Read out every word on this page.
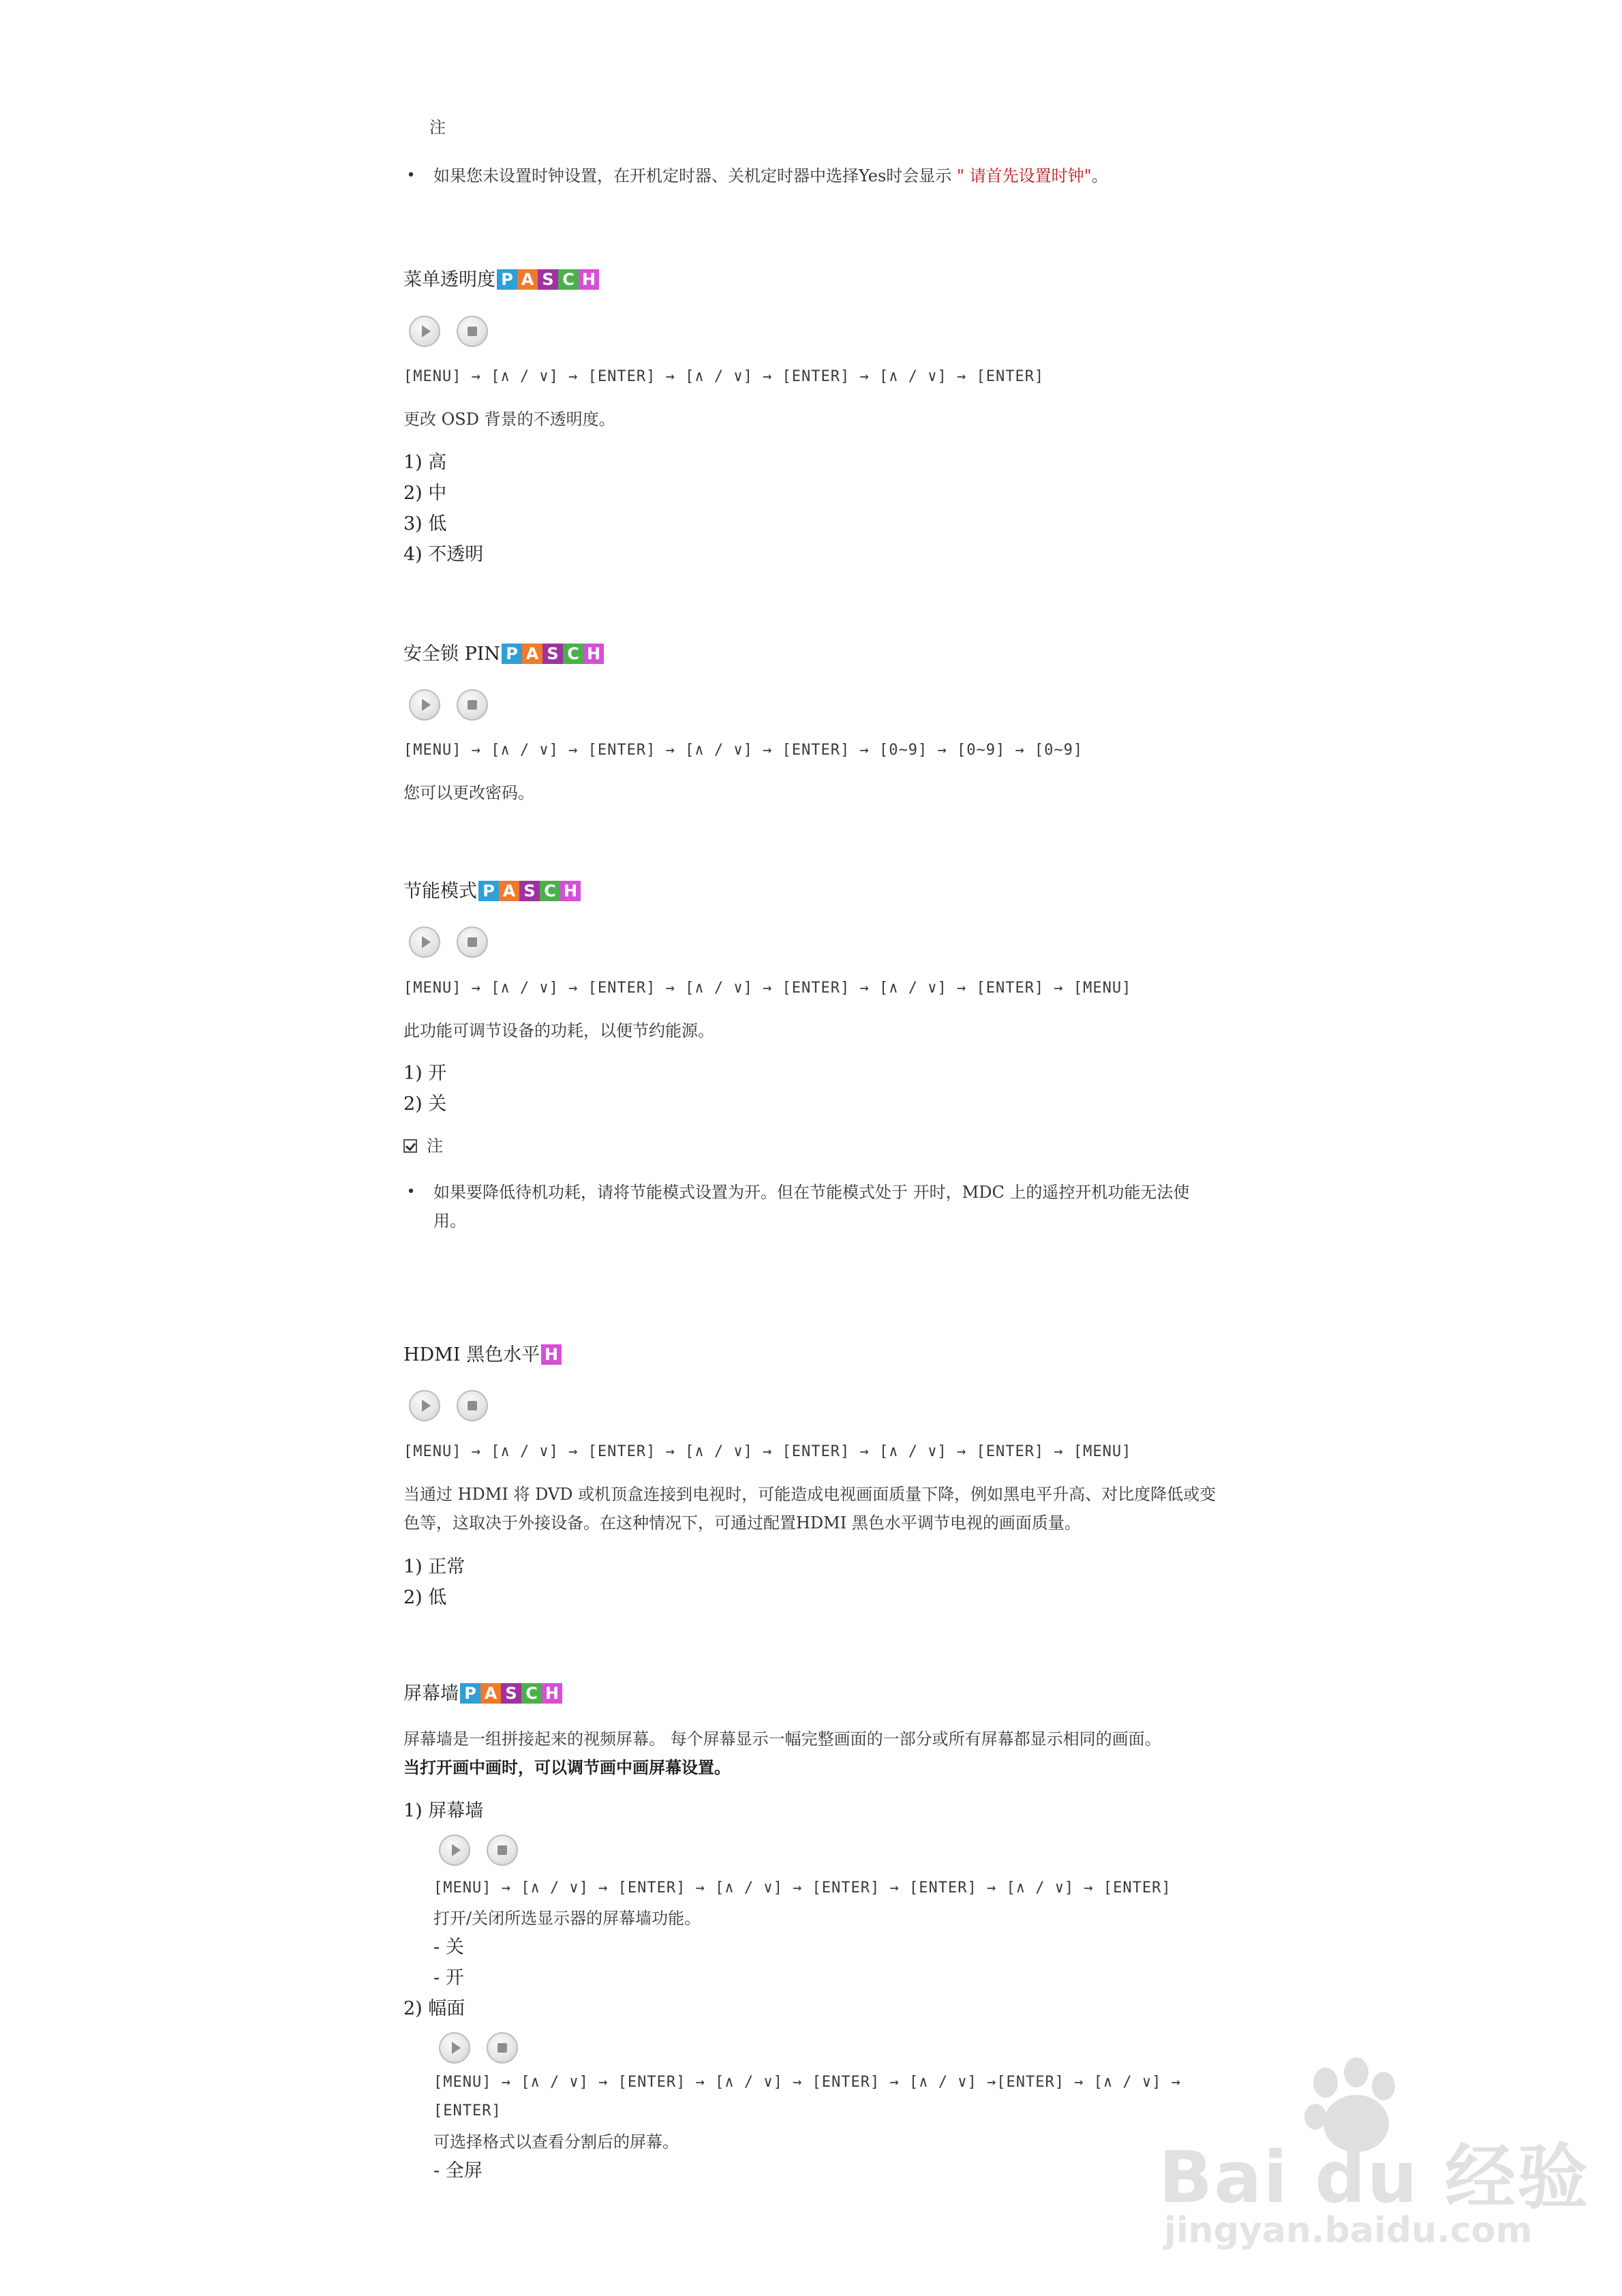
注
• 如果您未设置时钟设置，在开机定时器、关机定时器中选择Yes时会显示 " 请首先设置时钟"。
菜单透明度 P A S C H
[MENU] → [∧ / ∨] → [ENTER] → [∧ / ∨] → [ENTER] → [∧ / ∨] → [ENTER]
更改 OSD 背景的不透明度。
1) 高
2) 中
3) 低
4) 不透明
安全锁 PIN P A S C H
[MENU] → [∧ / ∨] → [ENTER] → [∧ / ∨] → [ENTER] → [0~9] → [0~9] → [0~9]
您可以更改密码。
节能模式 P A S C H
[MENU] → [∧ / ∨] → [ENTER] → [∧ / ∨] → [ENTER] → [∧ / ∨] → [ENTER] → [MENU]
此功能可调节设备的功耗，以便节约能源。
1) 开
2) 关
注
• 如果要降低待机功耗，请将节能模式设置为开。但在节能模式处于 开时，MDC 上的遥控开机功能无法使
用。
HDMI 黑色水平 H
[MENU] → [∧ / ∨] → [ENTER] → [∧ / ∨] → [ENTER] → [∧ / ∨] → [ENTER] → [MENU]
当通过 HDMI 将 DVD 或机顶盒连接到电视时，可能造成电视画面质量下降，例如黑电平升高、对比度降低或变
色等，这取决于外接设备。在这种情况下，可通过配置HDMI 黑色水平调节电视的画面质量。
1) 正常
2) 低
屏幕墙 P A S C H
屏幕墙是一组拼接起来的视频屏幕。 每个屏幕显示一幅完整画面的一部分或所有屏幕都显示相同的画面。
当打开画中画时，可以调节画中画屏幕设置。
1) 屏幕墙
[MENU] → [∧ / ∨] → [ENTER] → [∧ / ∨] → [ENTER] → [ENTER] → [∧ / ∨] → [ENTER]
打开/关闭所选显示器的屏幕墙功能。
- 关
- 开
2) 幅面
[MENU] → [∧ / ∨] → [ENTER] → [∧ / ∨] → [ENTER] → [∧ / ∨] →[ENTER] → [∧ / ∨] →
[ENTER]
可选择格式以查看分割后的屏幕。
- 全屏	Bai du 经验
jingyan.baidu.com
